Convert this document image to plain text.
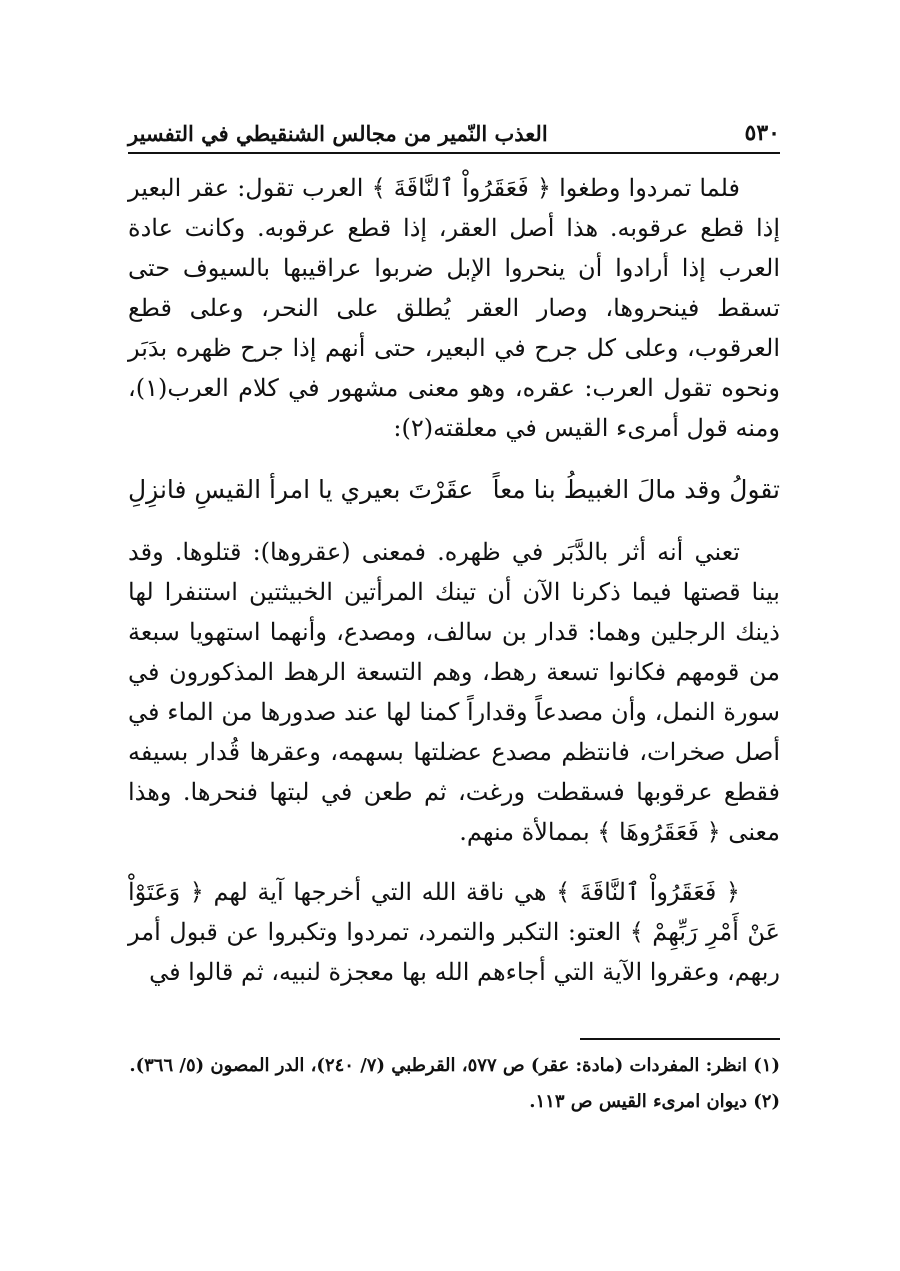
العذب النّمير من مجالس الشنقيطي في التفسير	٥٣٠

فلما تمردوا وطغوا ﴿ فَعَقَرُواْ ٱلنَّاقَةَ ﴾ العرب تقول: عقر البعير إذا قطع عرقوبه. هذا أصل العقر، إذا قطع عرقوبه. وكانت عادة العرب إذا أرادوا أن ينحروا الإبل ضربوا عراقيبها بالسيوف حتى تسقط فينحروها، وصار العقر يُطلق على النحر، وعلى قطع العرقوب، وعلى كل جرح في البعير، حتى أنهم إذا جرح ظهره بدَبَر ونحوه تقول العرب: عقره، وهو معنى مشهور في كلام العرب(١)، ومنه قول أمرىء القيس في معلقته(٢):

تقولُ وقد مالَ الغبيطُ بنا معاً
عقَرْتَ بعيري يا امرأ القيسِ فانزِلِ

تعني أنه أثر بالدَّبَر في ظهره. فمعنى (عقروها): قتلوها. وقد بينا قصتها فيما ذكرنا الآن أن تينك المرأتين الخبيثتين استنفرا لها ذينك الرجلين وهما: قدار بن سالف، ومصدع، وأنهما استهويا سبعة من قومهم فكانوا تسعة رهط، وهم التسعة الرهط المذكورون في سورة النمل، وأن مصدعاً وقداراً كمنا لها عند صدورها من الماء في أصل صخرات، فانتظم مصدع عضلتها بسهمه، وعقرها قُدار بسيفه فقطع عرقوبها فسقطت ورغت، ثم طعن في لبتها فنحرها. وهذا معنى ﴿ فَعَقَرُوهَا ﴾ بممالأة منهم.

﴿ فَعَقَرُواْ ٱلنَّاقَةَ ﴾ هي ناقة الله التي أخرجها آية لهم ﴿ وَعَتَوْاْ عَنْ أَمْرِ رَبِّهِمْ ﴾ العتو: التكبر والتمرد، تمردوا وتكبروا عن قبول أمر ربهم، وعقروا الآية التي أجاءهم الله بها معجزة لنبيه، ثم قالوا في

(١) انظر: المفردات (مادة: عقر) ص ٥٧٧، القرطبي (٧/ ٢٤٠)، الدر المصون (٥/ ٣٦٦).

(٢) ديوان امرىء القيس ص ١١٣.
